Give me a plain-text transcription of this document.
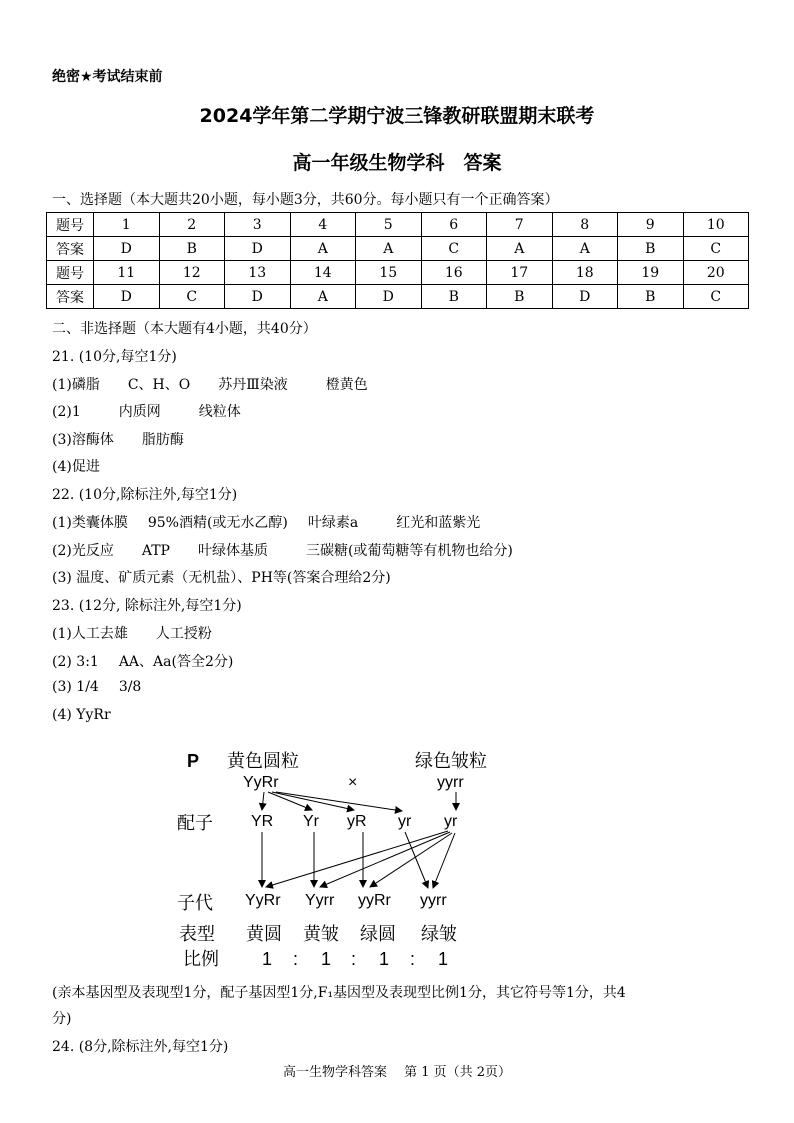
绝密★考试结束前
2024学年第二学期宁波三锋教研联盟期末联考
高一年级生物学科　答案
一、选择题（本大题共20小题，每小题3分，共60分。每小题只有一个正确答案）
题号	1	2	3	4	5	6	7	8	9	10
答案	D	B	D	A	A	C	A	A	B	C
题号	11	12	13	14	15	16	17	18	19	20
答案	D	C	D	A	D	B	B	D	B	C
二、非选择题（本大题有4小题，共40分）
21. (10分,每空1分)
(1)磷脂 C、H、O 苏丹Ⅲ染液	橙黄色
(2)1	内质网	线粒体
(3)溶酶体 脂肪酶
(4)促进
22. (10分,除标注外,每空1分)
(1)类囊体膜 95%酒精(或无水乙醇) 叶绿素a	红光和蓝紫光
(2)光反应 ATP 叶绿体基质	三碳糖(或葡萄糖等有机物也给分)
(3) 温度、矿质元素（无机盐）、PH等(答案合理给2分)
23. (12分, 除标注外,每空1分)
(1)人工去雄 人工授粉
(2) 3:1 AA、Aa(答全2分)
(3) 1/4 3/8
(4) YyRr
P 黄色圆粒
YyRr	×
绿色皱粒
yyrr
配子 YR Yr yR yr yr
子代 YyRr Yyrr yyRr yyrr
表型 黄圆 黄皱 绿圆 绿皱
比例 1 : 1 : 1 : 1
(亲本基因型及表现型1分，配子基因型1分,F₁基因型及表现型比例1分，其它符号等1分，共4
分)
24. (8分,除标注外,每空1分)
高一生物学科答案　 第 1 页（共 2页）
